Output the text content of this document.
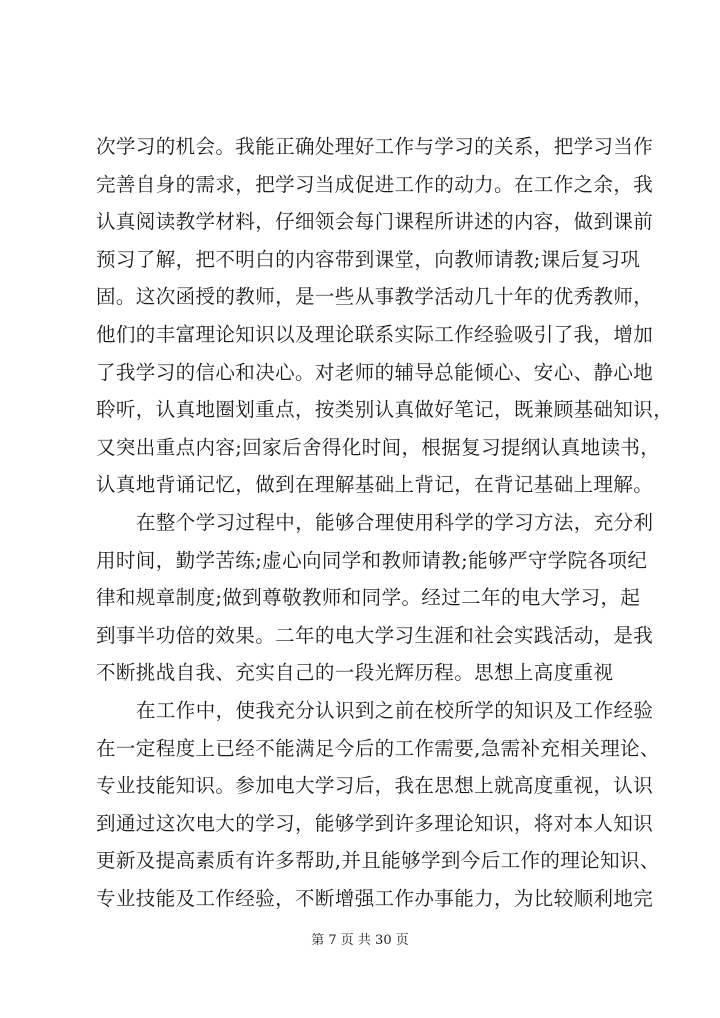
次学习的机会。我能正确处理好工作与学习的关系，把学习当作
完善自身的需求，把学习当成促进工作的动力。在工作之余，我
认真阅读教学材料，仔细领会每门课程所讲述的内容，做到课前
预习了解，把不明白的内容带到课堂，向教师请教;课后复习巩
固。这次函授的教师，是一些从事教学活动几十年的优秀教师，
他们的丰富理论知识以及理论联系实际工作经验吸引了我，增加
了我学习的信心和决心。对老师的辅导总能倾心、安心、静心地
聆听，认真地圈划重点，按类别认真做好笔记，既兼顾基础知识，
又突出重点内容;回家后舍得化时间，根据复习提纲认真地读书，
认真地背诵记忆，做到在理解基础上背记，在背记基础上理解。
在整个学习过程中，能够合理使用科学的学习方法，充分利
用时间，勤学苦练;虚心向同学和教师请教;能够严守学院各项纪
律和规章制度;做到尊敬教师和同学。经过二年的电大学习，起
到事半功倍的效果。二年的电大学习生涯和社会实践活动，是我
不断挑战自我、充实自己的一段光辉历程。思想上高度重视
在工作中，使我充分认识到之前在校所学的知识及工作经验
在一定程度上已经不能满足今后的工作需要,急需补充相关理论、
专业技能知识。参加电大学习后，我在思想上就高度重视，认识
到通过这次电大的学习，能够学到许多理论知识，将对本人知识
更新及提高素质有许多帮助,并且能够学到今后工作的理论知识、
专业技能及工作经验，不断增强工作办事能力，为比较顺利地完
第 7 页 共 30 页
